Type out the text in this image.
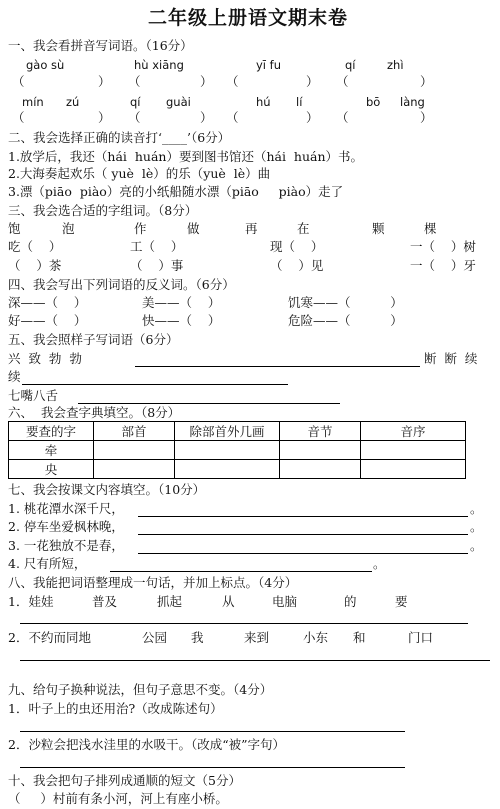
二年级上册语文期末卷
一、我会看拼音写词语。（16分）
gào sù	hù xiāng	yī fu	qí	zhì
（	） （	） （	） （	）
mín zú	qí guài	hú lí	bō làng
（	） （	） （	） （	）
二、我会选择正确的读音打‘____’（6分）
1.放学后，我还（hái  huán）要到图书馆还（hái  huán）书。
2.大海奏起欢乐（ yuè  lè）的乐（yuè  lè）曲
3.漂（piāo  piào）亮的小纸船随水漂（piāo     piào）走了
三、我会选合适的字组词。（8分）
饱	泡	作	做	再	在	颗	棵
吃（    ）	工（    ）	现（    ）	一（    ）树
（    ）茶	（    ）事	（    ）见	一（    ）牙
四、我会写出下列词语的反义词。（6分）
深——（    ）	美——（    ）	饥寒——（          ）
好——（    ）	快——（    ）	危险——（          ）
五、我会照样子写词语（6分）
兴  致  勃  勃	断  断  续
续
七嘴八舌
六、  我会查字典填空。（8分）
要查的字	部首	除部首外几画	音节	音序
牵				
央				
七、我会按课文内容填空。（10分）
1. 桃花潭水深千尺，	。
2. 停车坐爱枫林晚，	。
3. 一花独放不是春，	。
4. 尺有所短，	。
八、我能把词语整理成一句话，并加上标点。（4分）
1．娃娃	普及	抓起	从	电脑	的	要
2．不约而同地	公园 我	来到	小东 和	门口
九、给句子换种说法，但句子意思不变。（4分）
1．叶子上的虫还用治?（改成陈述句）
2．沙粒会把浅水洼里的水吸干。（改成“被”字句）
十、我会把句子排列成通顺的短文（5分）
（     ）村前有条小河，河上有座小桥。
